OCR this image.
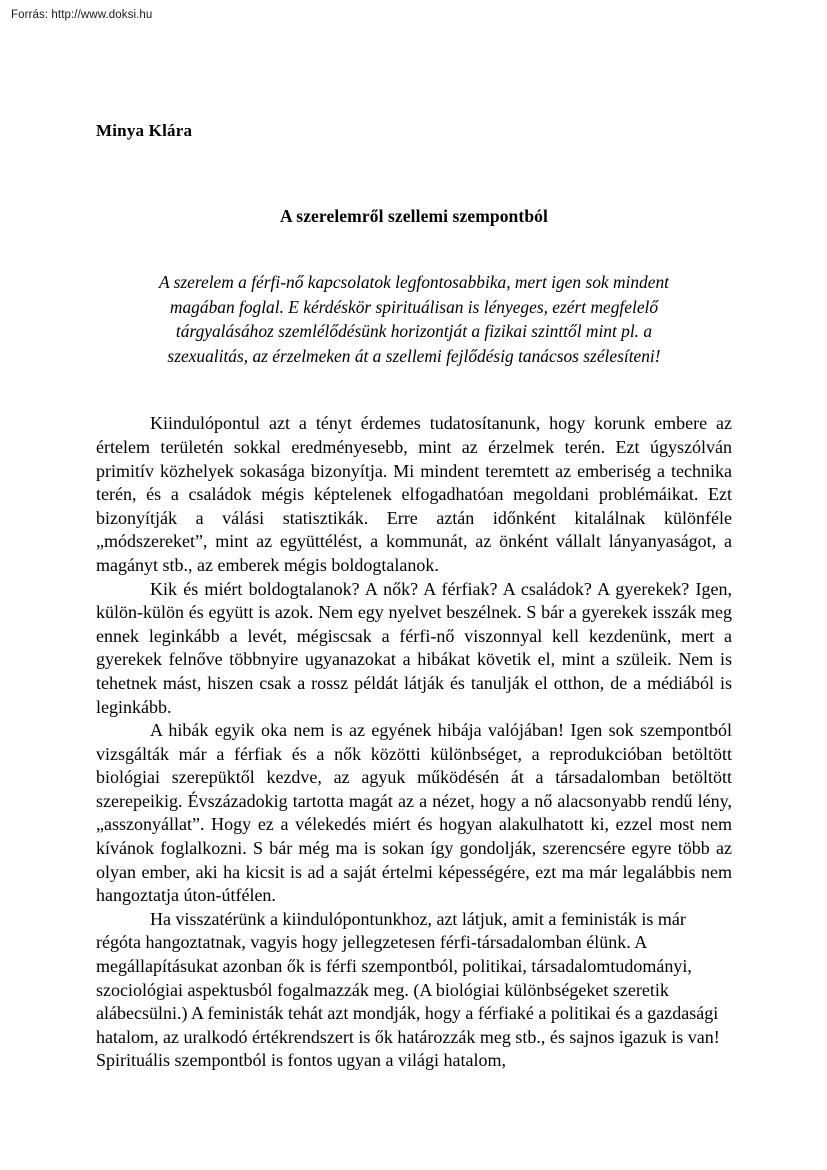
Forrás: http://www.doksi.hu
Minya Klára
A szerelemről szellemi szempontból
A szerelem a férfi-nő kapcsolatok legfontosabbika, mert igen sok mindent magában foglal. E kérdéskör spirituálisan is lényeges, ezért megfelelő tárgyalásához szemlélődésünk horizontját a fizikai szinttől mint pl. a szexualitás, az érzelmeken át a szellemi fejlődésig tanácsos szélesíteni!

Kiindulópontul azt a tényt érdemes tudatosítanunk, hogy korunk embere az értelem területén sokkal eredményesebb, mint az érzelmek terén. Ezt úgyszólván primitív közhelyek sokasága bizonyítja. Mi mindent teremtett az emberiség a technika terén, és a családok mégis képtelenek elfogadhatóan megoldani problémáikat. Ezt bizonyítják a válási statisztikák. Erre aztán időnként kitalálnak különféle „módszereket”, mint az együttélést, a kommunát, az önként vállalt lányanyaságot, a magányt stb., az emberek mégis boldogtalanok.

Kik és miért boldogtalanok? A nők? A férfiak? A családok? A gyerekek? Igen, külön-külön és együtt is azok. Nem egy nyelvet beszélnek. S bár a gyerekek isszák meg ennek leginkább a levét, mégiscsak a férfi-nő viszonnyal kell kezdenünk, mert a gyerekek felnőve többnyire ugyanazokat a hibákat követik el, mint a szüleik. Nem is tehetnek mást, hiszen csak a rossz példát látják és tanulják el otthon, de a médiából is leginkább.

A hibák egyik oka nem is az egyének hibája valójában! Igen sok szempontból vizsgálták már a férfiak és a nők közötti különbséget, a reprodukcióban betöltött biológiai szerepüktől kezdve, az agyuk működésén át a társadalomban betöltött szerepeikig. Évszázadokig tartotta magát az a nézet, hogy a nő alacsonyabb rendű lény, „asszonyállat”. Hogy ez a vélekedés miért és hogyan alakulhatott ki, ezzel most nem kívánok foglalkozni. S bár még ma is sokan így gondolják, szerencsére egyre több az olyan ember, aki ha kicsit is ad a saját értelmi képességére, ezt ma már legalábbis nem hangoztatja úton-útfélen.

Ha visszatérünk a kiindulópontunkhoz, azt látjuk, amit a feministák is már régóta hangoztatnak, vagyis hogy jellegzetesen férfi-társadalomban élünk. A megállapításukat azonban ők is férfi szempontból, politikai, társadalomtudományi, szociológiai aspektusból fogalmazzák meg. (A biológiai különbségeket szeretik alábecsülni.) A feministák tehát azt mondják, hogy a férfiaké a politikai és a gazdasági hatalom, az uralkodó értékrendszert is ők határozzák meg stb., és sajnos igazuk is van! Spirituális szempontból is fontos ugyan a világi hatalom,
